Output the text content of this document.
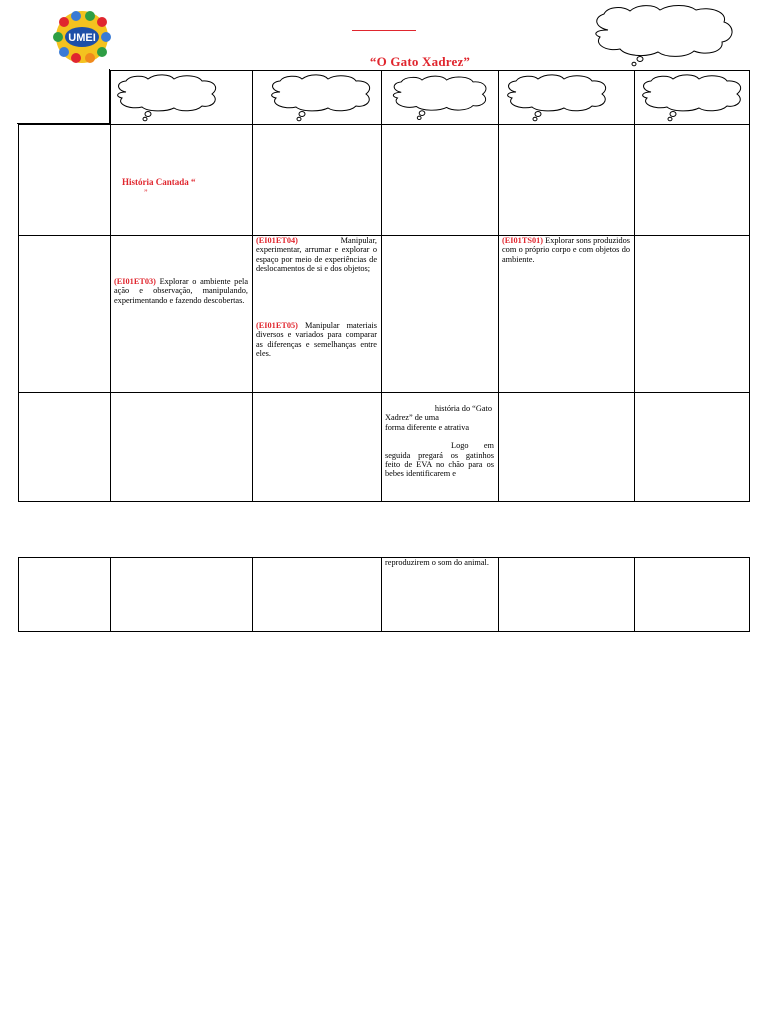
UMEI
“O Gato Xadrez”
História Cantada “
”
(EI01ET03) Explorar o ambiente pela ação e observação, manipulando, experimentando e fazendo descobertas.
(EI01ET04) Manipular, experimentar, arrumar e explorar o espaço por meio de experiências de deslocamentos de si e dos objetos;
(EI01ET05) Manipular materiais diversos e variados para comparar as diferenças e semelhanças entre eles.
(EI01TS01) Explorar sons produzidos com o próprio corpo e com objetos do ambiente.
história do “Gato
Xadrez” de uma
forma diferente e atrativa
Logo em seguida pregará os gatinhos feito de EVA no chão para os bebes identificarem e
reproduzirem o som do animal.
